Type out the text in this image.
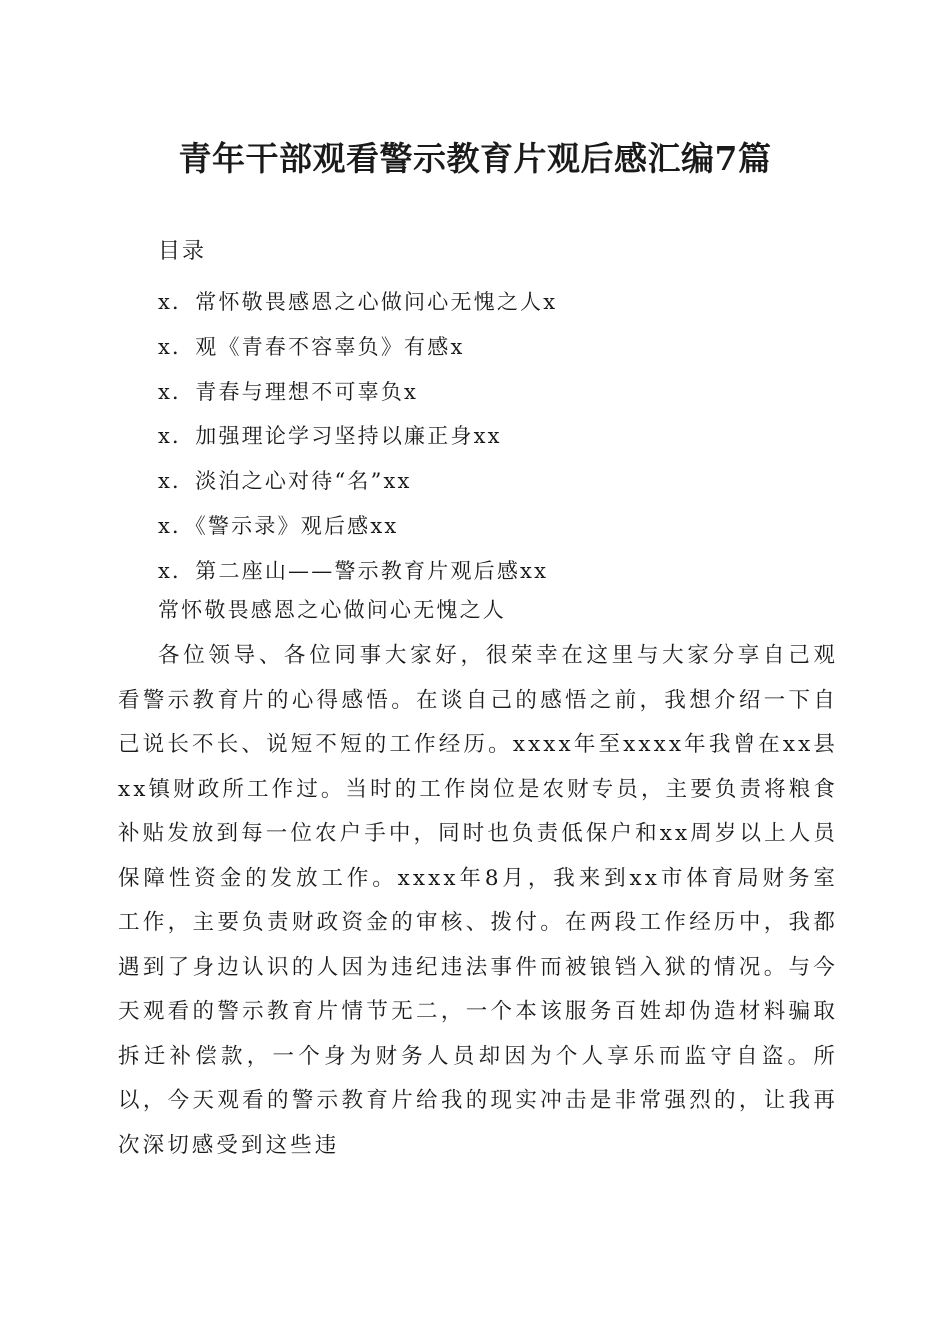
青年干部观看警示教育片观后感汇编7篇

目录

x．常怀敬畏感恩之心做问心无愧之人x
x．观《青春不容辜负》有感x
x．青春与理想不可辜负x
x．加强理论学习坚持以廉正身xx
x．淡泊之心对待“名”xx
x．《警示录》观后感xx
x．第二座山——警示教育片观后感xx

常怀敬畏感恩之心做问心无愧之人

各位领导、各位同事大家好，很荣幸在这里与大家分享自己观看警示教育片的心得感悟。在谈自己的感悟之前，我想介绍一下自己说长不长、说短不短的工作经历。xxxx年至xxxx年我曾在xx县xx镇财政所工作过。当时的工作岗位是农财专员，主要负责将粮食补贴发放到每一位农户手中，同时也负责低保户和xx周岁以上人员保障性资金的发放工作。xxxx年8月，我来到xx市体育局财务室工作，主要负责财政资金的审核、拨付。在两段工作经历中，我都遇到了身边认识的人因为违纪违法事件而被锒铛入狱的情况。与今天观看的警示教育片情节无二，一个本该服务百姓却伪造材料骗取拆迁补偿款，一个身为财务人员却因为个人享乐而监守自盗。所以，今天观看的警示教育片给我的现实冲击是非常强烈的，让我再次深切感受到这些违
